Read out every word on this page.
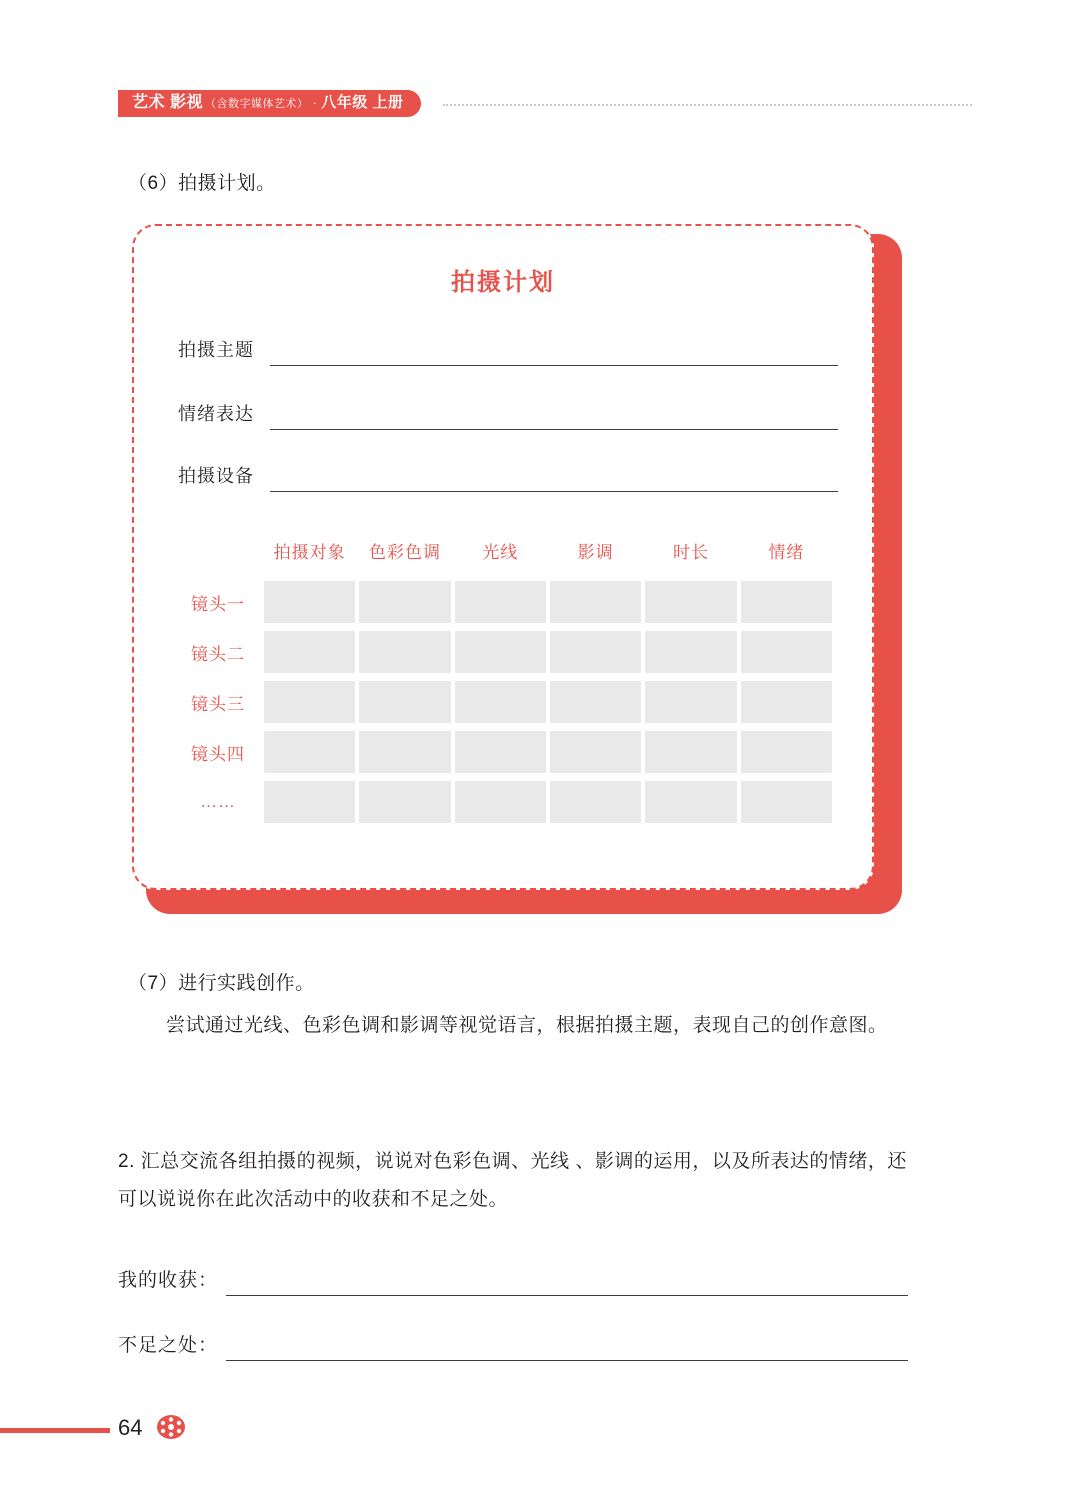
艺术 影视 （含数字媒体艺术） · 八年级 上册
（6）拍摄计划。
拍摄计划
拍摄主题
情绪表达
拍摄设备
	拍摄对象	色彩色调	光线	影调	时长	情绪
镜头一						
镜头二						
镜头三						
镜头四						
……						
（7）进行实践创作。
尝试通过光线、色彩色调和影调等视觉语言，根据拍摄主题，表现自己的创作意图。
2. 汇总交流各组拍摄的视频，说说对色彩色调、光线 、影调的运用，以及所表达的情绪，还可以说说你在此次活动中的收获和不足之处。
我的收获：
不足之处：
64
